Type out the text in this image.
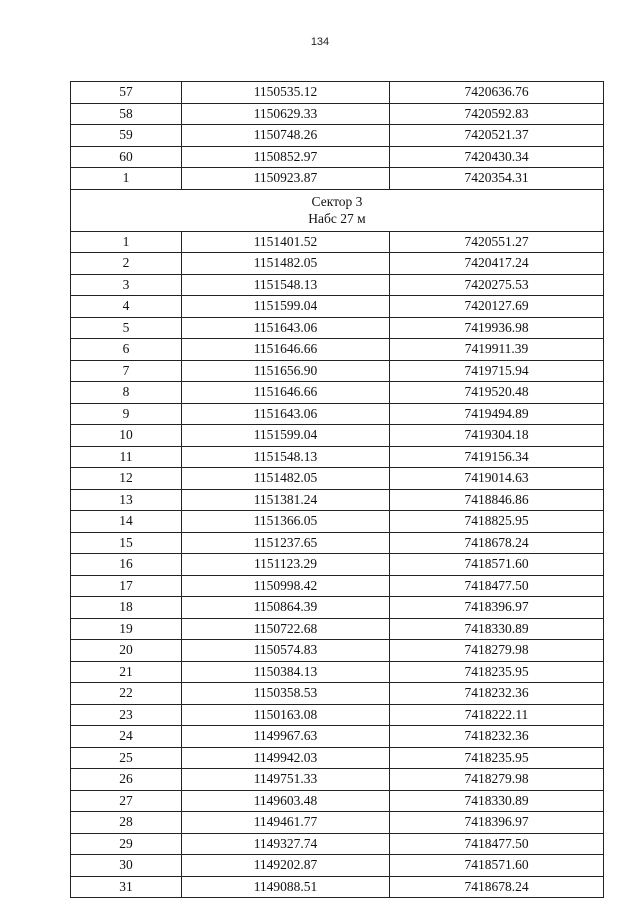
134
57	1150535.12	7420636.76
58	1150629.33	7420592.83
59	1150748.26	7420521.37
60	1150852.97	7420430.34
1	1150923.87	7420354.31

Сектор 3
Набс 27 м		

1	1151401.52	7420551.27
2	1151482.05	7420417.24
3	1151548.13	7420275.53
4	1151599.04	7420127.69
5	1151643.06	7419936.98
6	1151646.66	7419911.39
7	1151656.90	7419715.94
8	1151646.66	7419520.48
9	1151643.06	7419494.89
10	1151599.04	7419304.18
11	1151548.13	7419156.34
12	1151482.05	7419014.63
13	1151381.24	7418846.86
14	1151366.05	7418825.95
15	1151237.65	7418678.24
16	1151123.29	7418571.60
17	1150998.42	7418477.50
18	1150864.39	7418396.97
19	1150722.68	7418330.89
20	1150574.83	7418279.98
21	1150384.13	7418235.95
22	1150358.53	7418232.36
23	1150163.08	7418222.11
24	1149967.63	7418232.36
25	1149942.03	7418235.95
26	1149751.33	7418279.98
27	1149603.48	7418330.89
28	1149461.77	7418396.97
29	1149327.74	7418477.50
30	1149202.87	7418571.60
31	1149088.51	7418678.24
